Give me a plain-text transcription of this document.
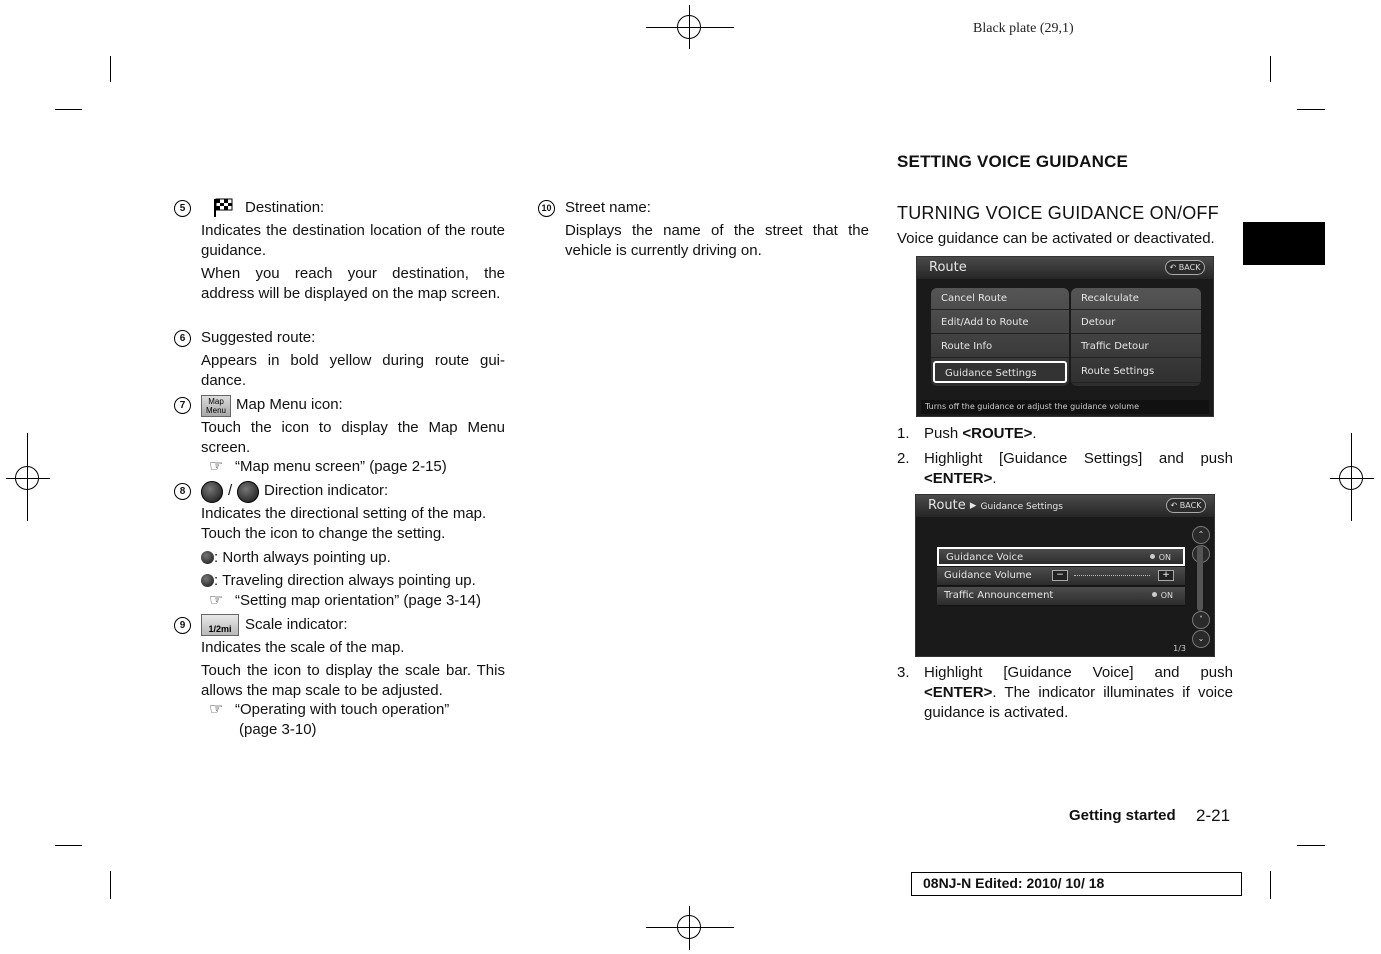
Black plate (29,1)
5	Destination:
Indicates the destination location of the route guidance.
When you reach your destination, the address will be displayed on the map screen.
6	Suggested route:
Appears in bold yellow during route gui-dance.
7	Map Menu Map Menu icon:
Touch the icon to display the Map Menu screen.
☞ “Map menu screen” (page 2-15)
8	/ Direction indicator:
Indicates the directional setting of the map.
Touch the icon to change the setting.
: North always pointing up.
: Traveling direction always pointing up.
☞ “Setting map orientation” (page 3-14)
9	1/2mi Scale indicator:
Indicates the scale of the map.
Touch the icon to display the scale bar. This allows the map scale to be adjusted.
☞ “Operating with touch operation”
(page 3-10)
10 Street name:
Displays the name of the street that the vehicle is currently driving on.
SETTING VOICE GUIDANCE
TURNING VOICE GUIDANCE ON/OFF
Voice guidance can be activated or deactivated.
Route	↶ BACK
Cancel Route
Edit/Add to Route
Route Info
Guidance Settings
Recalculate
Detour
Traffic Detour
Route Settings
Turns off the guidance or adjust the guidance volume
1. Push <ROUTE>.
2. Highlight [Guidance Settings] and push <ENTER>.
Route ▸ Guidance Settings	↶ BACK
Guidance Voice	ON
Guidance Volume	−	+
Traffic Announcement	ON
⌃
˅
⌄
1/3
3. Highlight [Guidance Voice] and push <ENTER>. The indicator illuminates if voice guidance is activated.
Getting started 2-21
08NJ-N Edited: 2010/ 10/ 18
